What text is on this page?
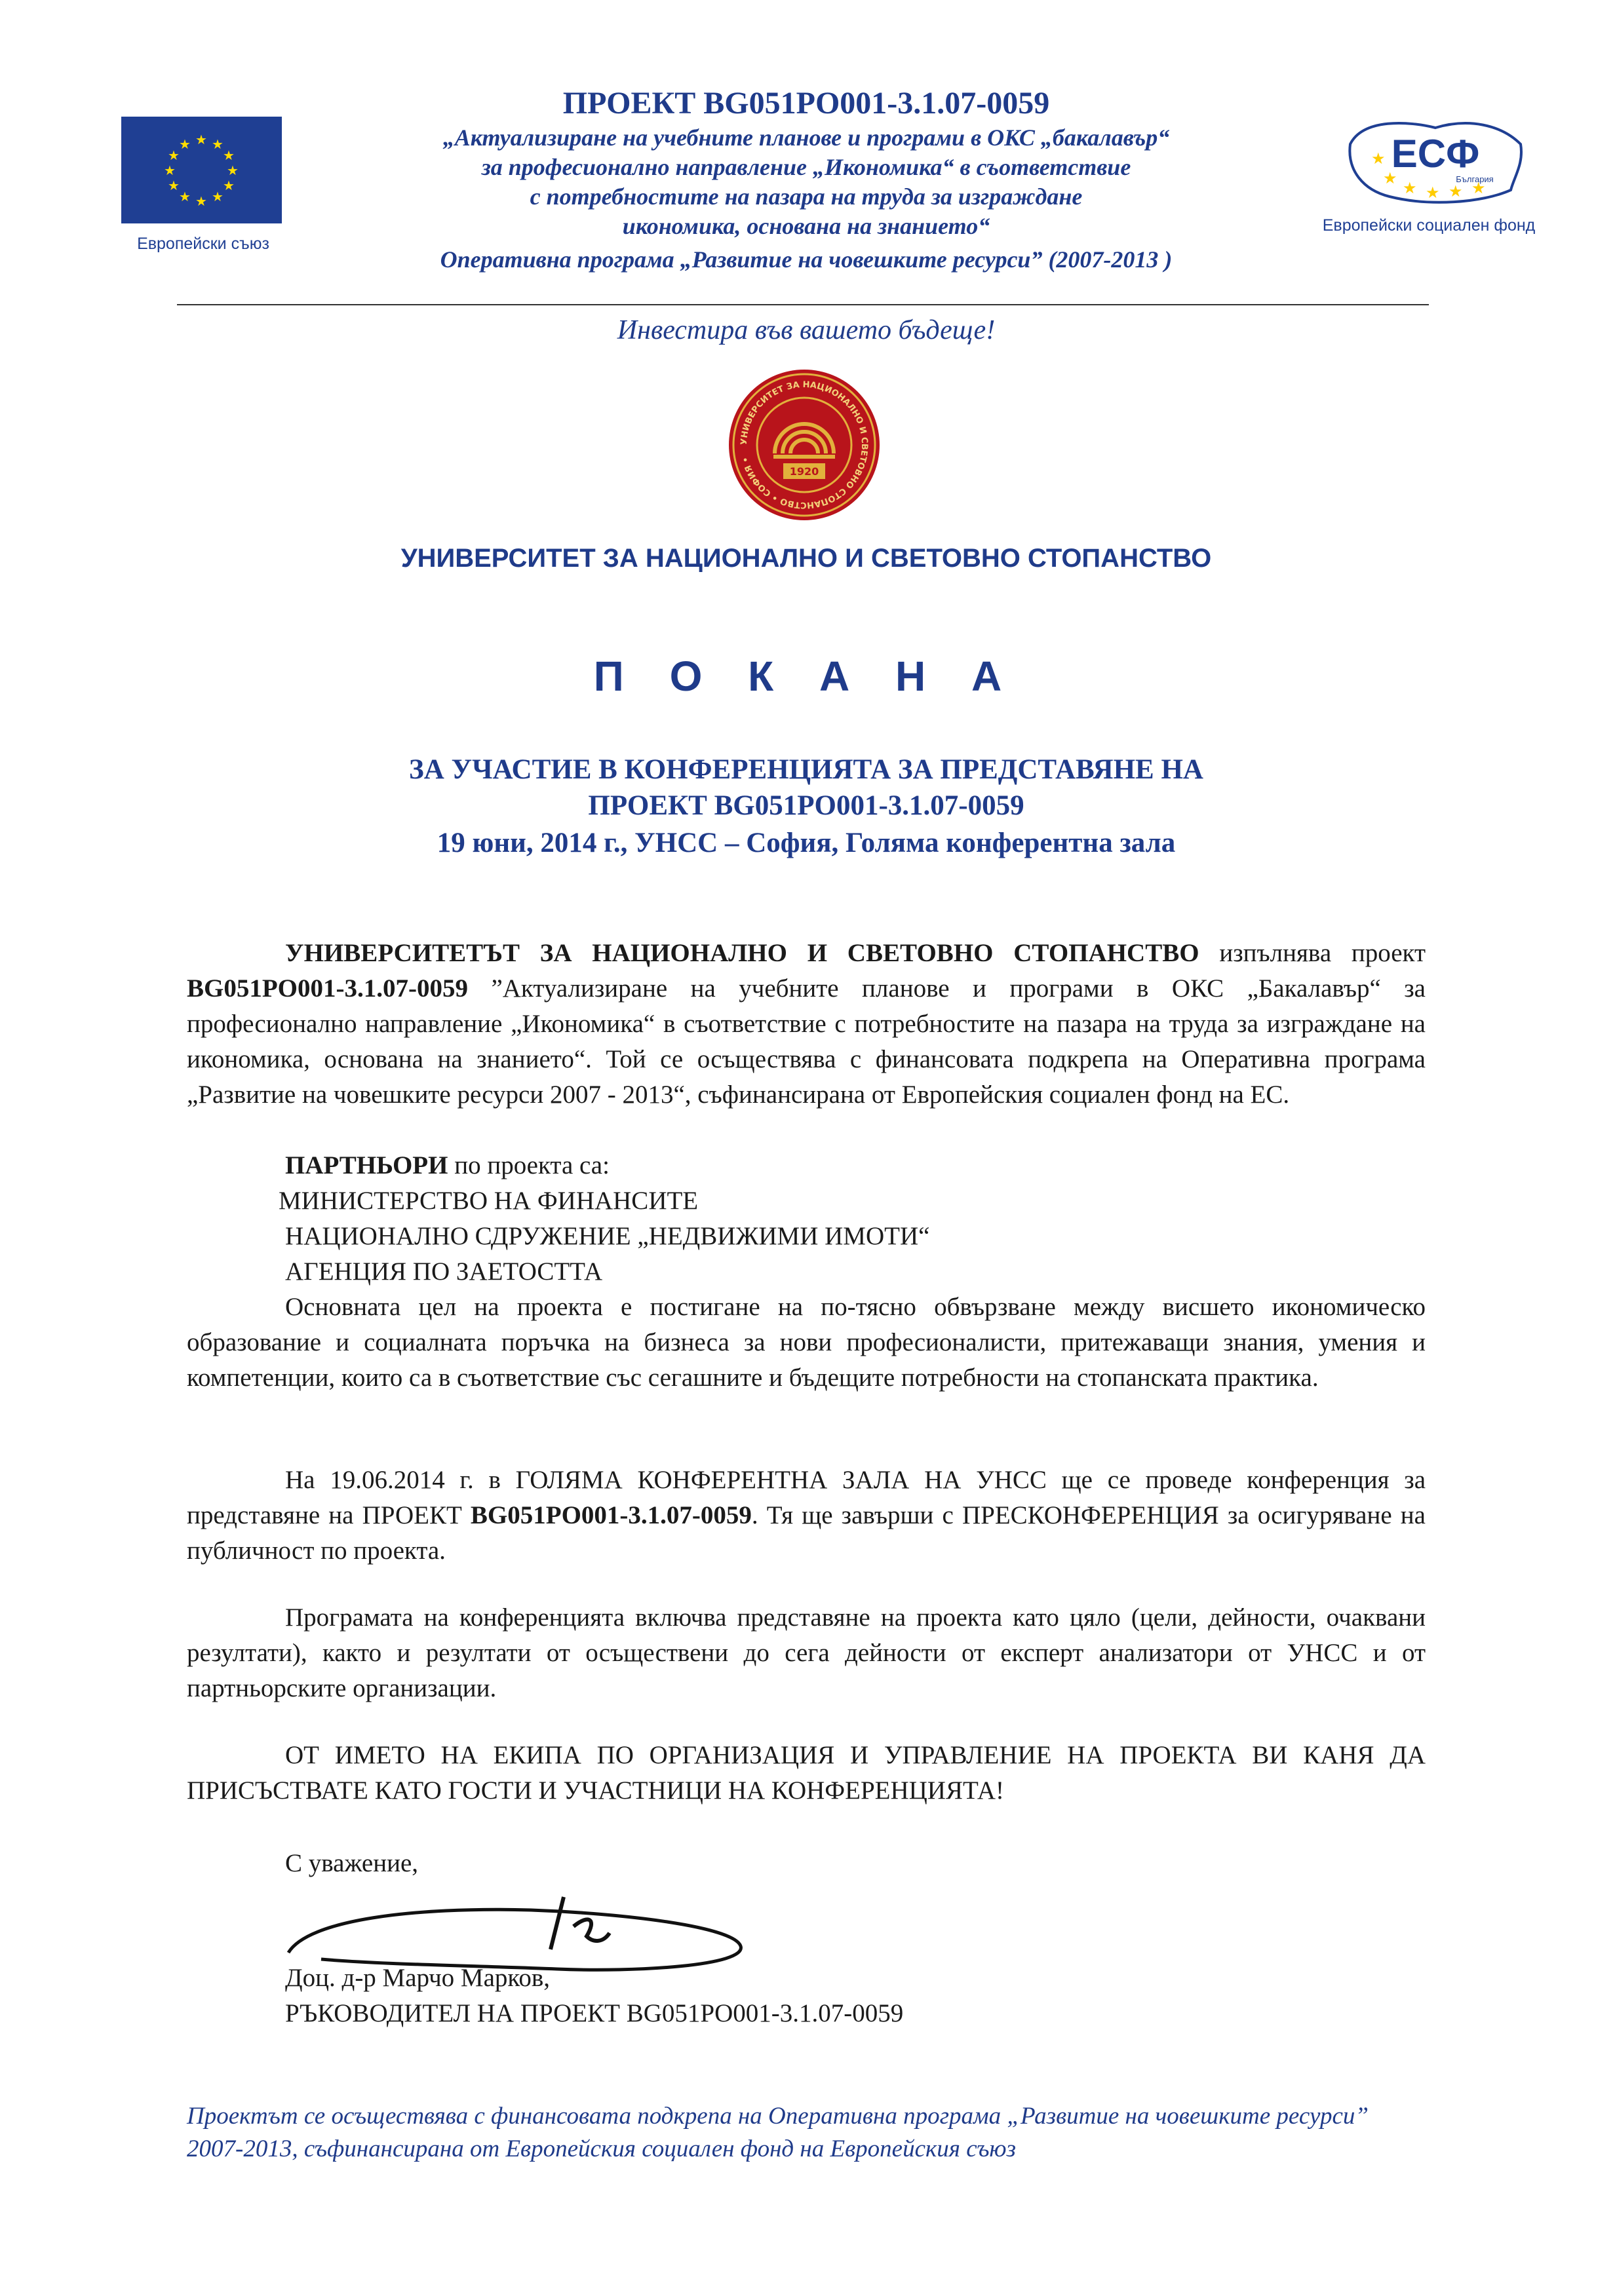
★ ★
★
★
★
★
★
★
★
★
★
★
Европейски съюз
ЕСФ
България
★
★
★ ★ ★ ★
Европейски социален фонд
ПРОЕКТ BG051PO001-3.1.07-0059
„Актуализиране на учебните планове и програми в ОКС „бакалавър“
за професионално направление „Икономика“ в съответствие
с потребностите на пазара на труда за изграждане
икономика, основана на знанието“
Оперативна програма „Развитие на човешките ресурси” (2007-2013 )
Инвестира във вашето бъдеще!
УНИВЕРСИТЕТ ЗА НАЦИОНАЛНО И СВЕТОВНО СТОПАНСТВО • СОФИЯ •
1920
УНИВЕРСИТЕТ ЗА НАЦИОНАЛНО И СВЕТОВНО СТОПАНСТВО
П О К А Н А
ЗА УЧАСТИЕ В КОНФЕРЕНЦИЯТА ЗА ПРЕДСТАВЯНЕ НА
ПРОЕКТ BG051PO001-3.1.07-0059
19 юни, 2014 г., УНСС – София, Голяма конферентна зала
УНИВЕРСИТЕТЪТ ЗА НАЦИОНАЛНО И СВЕТОВНО СТОПАНСТВО изпълнява проект BG051PO001-3.1.07-0059 ”Актуализиране на учебните планове и програми в ОКС „Бакалавър“ за професионално направление „Икономика“ в съответствие с потребностите на пазара на труда за изграждане на икономика, основана на знанието“. Той се осъществява с финансовата подкрепа на Оперативна програма „Развитие на човешките ресурси 2007 - 2013“, съфинансирана от Европейския социален фонд на ЕС.
ПАРТНЬОРИ по проекта са:
МИНИСТЕРСТВО НА ФИНАНСИТЕ
НАЦИОНАЛНО СДРУЖЕНИЕ „НЕДВИЖИМИ ИМОТИ“
АГЕНЦИЯ ПО ЗАЕТОСТТА
Основната цел на проекта е постигане на по-тясно обвързване между висшето икономическо образование и социалната поръчка на бизнеса за нови професионалисти, притежаващи знания, умения и компетенции, които са в съответствие със сегашните и бъдещите потребности на стопанската практика.
На 19.06.2014 г. в ГОЛЯМА КОНФЕРЕНТНА ЗАЛА НА УНСС ще се проведе конференция за представяне на ПРОЕКТ BG051PO001-3.1.07-0059. Тя ще завърши с ПРЕСКОНФЕРЕНЦИЯ за осигуряване на публичност по проекта.
Програмата на конференцията включва представяне на проекта като цяло (цели, дейности, очаквани резултати), както и резултати от осъществени до сега дейности от експерт анализатори от УНСС и от партньорските организации.
ОТ ИМЕТО НА ЕКИПА ПО ОРГАНИЗАЦИЯ И УПРАВЛЕНИЕ НА ПРОЕКТА ВИ КАНЯ ДА ПРИСЪСТВАТЕ КАТО ГОСТИ И УЧАСТНИЦИ НА КОНФЕРЕНЦИЯТА!
С уважение,
Доц. д-р Марчо Марков,
РЪКОВОДИТЕЛ НА ПРОЕКТ BG051PO001-3.1.07-0059
Проектът се осъществява с финансовата подкрепа на Оперативна програма „Развитие на човешките ресурси” 2007-2013, съфинансирана от Европейския социален фонд на Европейския съюз
